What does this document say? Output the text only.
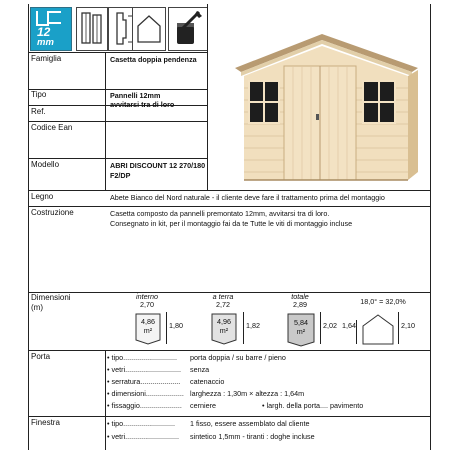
12
mm
Famiglia	Casetta doppia pendenza
Tipo	Pannelli 12mm
avvitarsi tra di loro
Ref.
Codice Ean
Modello	ABRI DISCOUNT 12 270/180
F2/DP
Legno	Abete Bianco del Nord naturale - il cliente deve fare il trattamento prima del montaggio
Costruzione	Casetta composto da pannelli premontato 12mm, avvitarsi tra di loro.
Consegnato in kit, per il montaggio fai da te Tutte le viti di montaggio incluse
Dimensioni
(m)
interno
2,70
4,86
m²
1,80
a terra
2,72
4,96
m²
1,82
totale
2,89
5,84
m²
2,02
18,0° = 32,0%
1,64	2,10
Porta	• tipo........................... porta doppia / su barre / pieno
• vetri............................ senza
• serratura.................... catenaccio
• dimensioni................... larghezza : 1,30m × altezza : 1,64m
• fissaggio..................... cerniere	• largh. della porta.... pavimento
Finestra	• tipo.......................... 1 fisso, essere assemblato dal cliente
• vetri........................... sintetico 1,5mm - tiranti : doghe incluse
